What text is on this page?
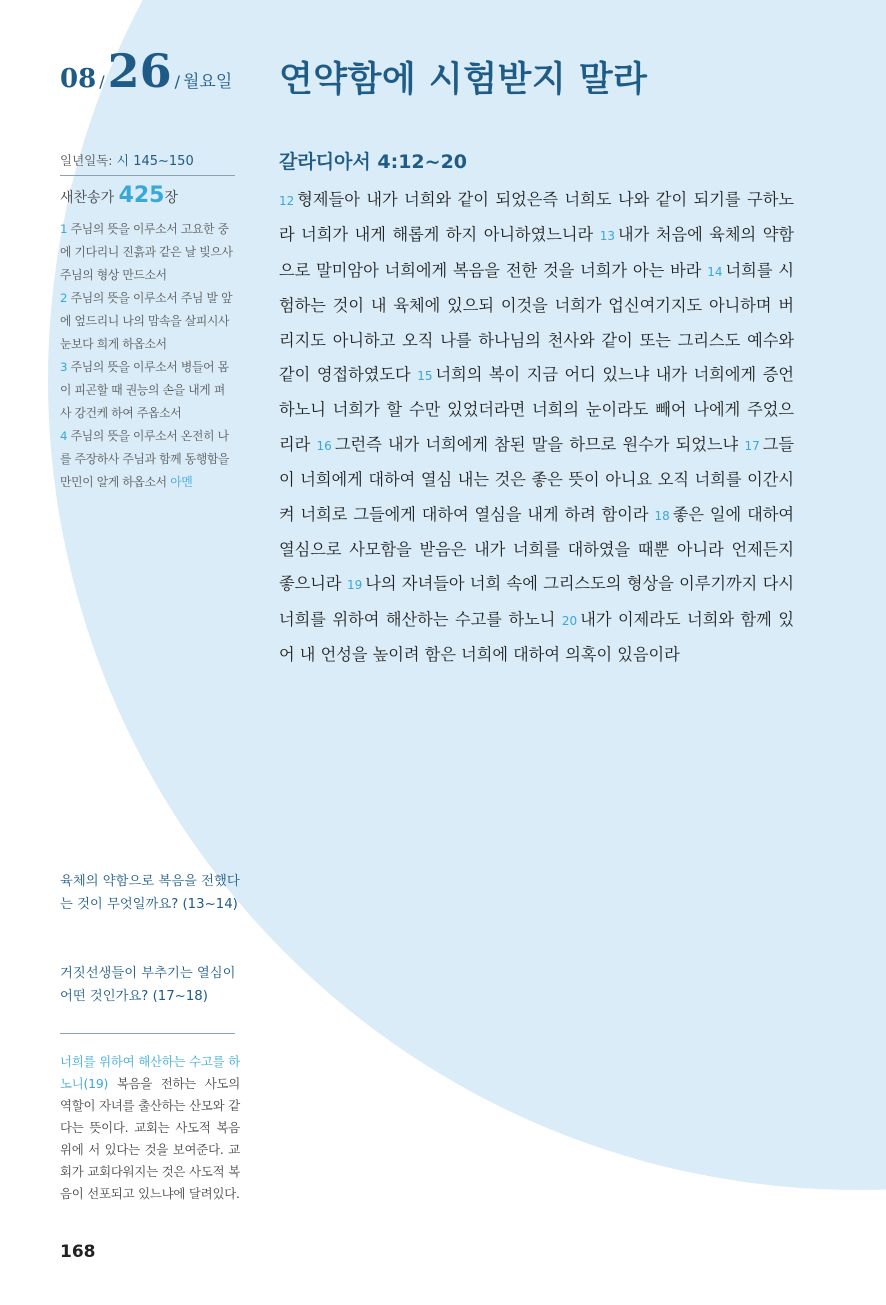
08 / 26 / 월요일 연약함에 시험받지 말라
일년일독: 시 145~150
새찬송가 425장
1 주님의 뜻을 이루소서 고요한 중에 기다리니 진흙과 같은 날 빚으사 주님의 형상 만드소서
2 주님의 뜻을 이루소서 주님 발 앞에 엎드리니 나의 맘속을 살피시사 눈보다 희게 하옵소서
3 주님의 뜻을 이루소서 병들어 몸이 피곤할 때 권능의 손을 내게 펴사 강건케 하여 주옵소서
4 주님의 뜻을 이루소서 온전히 나를 주장하사 주님과 함께 동행함을 만민이 알게 하옵소서 아멘
육체의 약함으로 복음을 전했다는 것이 무엇일까요? (13~14)
거짓선생들이 부추기는 열심이 어떤 것인가요? (17~18)
너희를 위하여 해산하는 수고를 하노니(19) 복음을 전하는 사도의 역할이 자녀를 출산하는 산모와 같다는 뜻이다. 교회는 사도적 복음 위에 서 있다는 것을 보여준다. 교회가 교회다워지는 것은 사도적 복음이 선포되고 있느냐에 달려있다.
168
갈라디아서 4:12~20
12 형제들아 내가 너희와 같이 되었은즉 너희도 나와 같이 되기를 구하노라 너희가 내게 해롭게 하지 아니하였느니라 13 내가 처음에 육체의 약함으로 말미암아 너희에게 복음을 전한 것을 너희가 아는 바라 14 너희를 시험하는 것이 내 육체에 있으되 이것을 너희가 업신여기지도 아니하며 버리지도 아니하고 오직 나를 하나님의 천사와 같이 또는 그리스도 예수와 같이 영접하였도다 15 너희의 복이 지금 어디 있느냐 내가 너희에게 증언하노니 너희가 할 수만 있었더라면 너희의 눈이라도 빼어 나에게 주었으리라 16 그런즉 내가 너희에게 참된 말을 하므로 원수가 되었느냐 17 그들이 너희에게 대하여 열심 내는 것은 좋은 뜻이 아니요 오직 너희를 이간시켜 너희로 그들에게 대하여 열심을 내게 하려 함이라 18 좋은 일에 대하여 열심으로 사모함을 받음은 내가 너희를 대하였을 때뿐 아니라 언제든지 좋으니라 19 나의 자녀들아 너희 속에 그리스도의 형상을 이루기까지 다시 너희를 위하여 해산하는 수고를 하노니 20 내가 이제라도 너희와 함께 있어 내 언성을 높이려 함은 너희에 대하여 의혹이 있음이라
